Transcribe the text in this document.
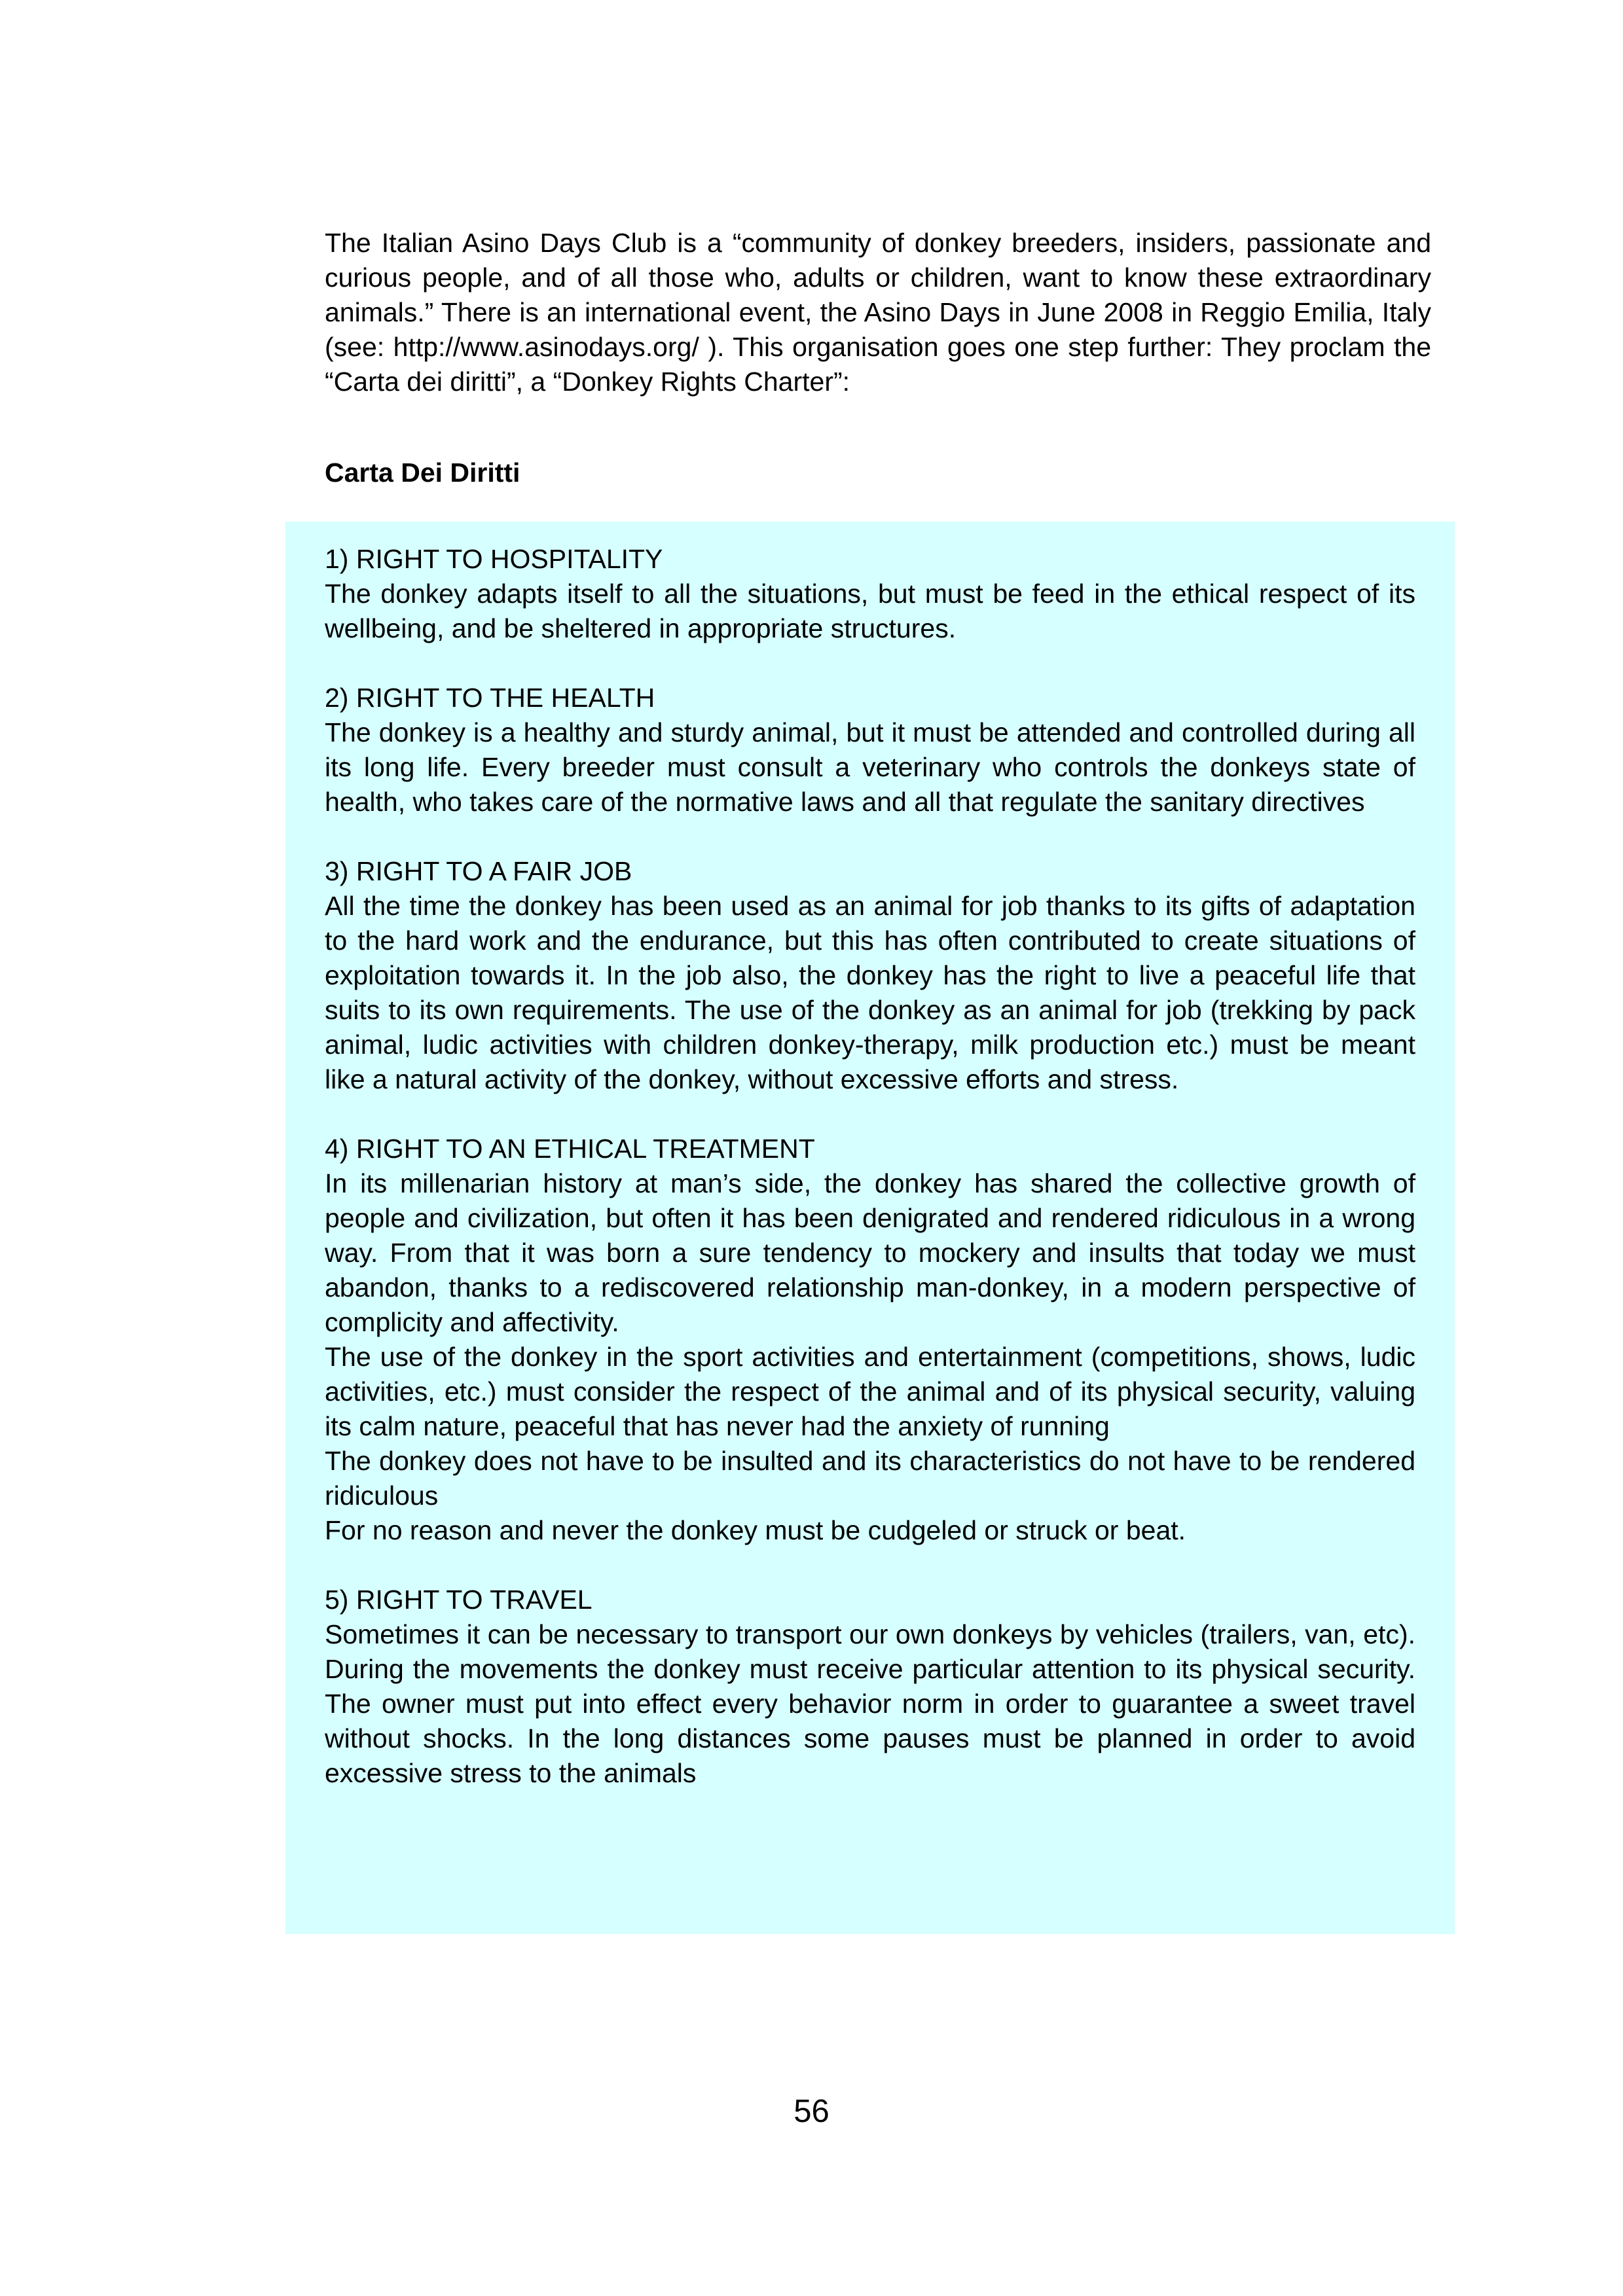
The Italian Asino Days Club is a “community of donkey breeders, insiders, passionate and curious people, and of all those who, adults or children, want to know these extraordinary animals.” There is an international event, the Asino Days in June 2008 in Reggio Emilia, Italy (see: http://www.asinodays.org/ ). This organisation goes one step further: They proclam the “Carta dei diritti”, a “Donkey Rights Charter”:

Carta Dei Diritti

1) RIGHT TO HOSPITALITY

The donkey adapts itself to all the situations, but must be feed in the ethical respect of its wellbeing, and be sheltered in appropriate structures.

2) RIGHT TO THE HEALTH

The donkey is a healthy and sturdy animal, but it must be attended and controlled during all its long life. Every breeder must consult a veterinary who controls the donkeys state of health, who takes care of the normative laws and all that regulate the sanitary directives

3) RIGHT TO A FAIR JOB

All the time the donkey has been used as an animal for job thanks to its gifts of adaptation to the hard work and the endurance, but this has often contributed to create situations of exploitation towards it. In the job also, the donkey has the right to live a peaceful life that suits to its own requirements. The use of the donkey as an animal for job (trekking by pack animal, ludic activities with children donkey-therapy, milk production etc.) must be meant like a natural activity of the donkey, without excessive efforts and stress.

4) RIGHT TO AN ETHICAL TREATMENT

In its millenarian history at man’s side, the donkey has shared the collective growth of people and civilization, but often it has been denigrated and rendered ridiculous in a wrong way. From that it was born a sure tendency to mockery and insults that today we must abandon, thanks to a rediscovered relationship man-donkey, in a modern perspective of complicity and affectivity.

The use of the donkey in the sport activities and entertainment (competitions, shows, ludic activities, etc.) must consider the respect of the animal and of its physical security, valuing its calm nature, peaceful that has never had the anxiety of running

The donkey does not have to be insulted and its characteristics do not have to be rendered ridiculous

For no reason and never the donkey must be cudgeled or struck or beat.

5) RIGHT TO TRAVEL

Sometimes it can be necessary to transport our own donkeys by vehicles (trailers, van, etc). During the movements the donkey must receive particular attention to its physical security. The owner must put into effect every behavior norm in order to guarantee a sweet travel without shocks. In the long distances some pauses must be planned in order to avoid excessive stress to the animals

56
